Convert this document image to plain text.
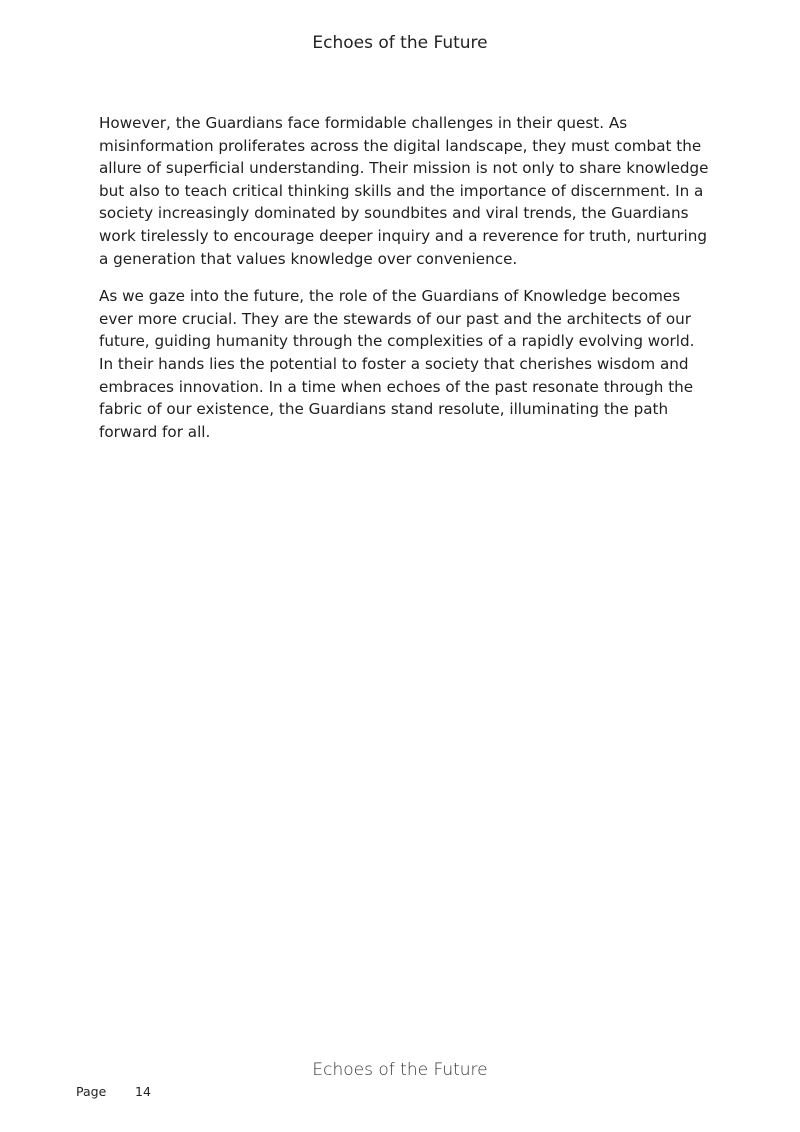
Echoes of the Future

However, the Guardians face formidable challenges in their quest. As misinformation proliferates across the digital landscape, they must combat the allure of superficial understanding. Their mission is not only to share knowledge but also to teach critical thinking skills and the importance of discernment. In a society increasingly dominated by soundbites and viral trends, the Guardians work tirelessly to encourage deeper inquiry and a reverence for truth, nurturing a generation that values knowledge over convenience.

As we gaze into the future, the role of the Guardians of Knowledge becomes ever more crucial. They are the stewards of our past and the architects of our future, guiding humanity through the complexities of a rapidly evolving world. In their hands lies the potential to foster a society that cherishes wisdom and embraces innovation. In a time when echoes of the past resonate through the fabric of our existence, the Guardians stand resolute, illuminating the path forward for all.

Echoes of the Future
Page 14
